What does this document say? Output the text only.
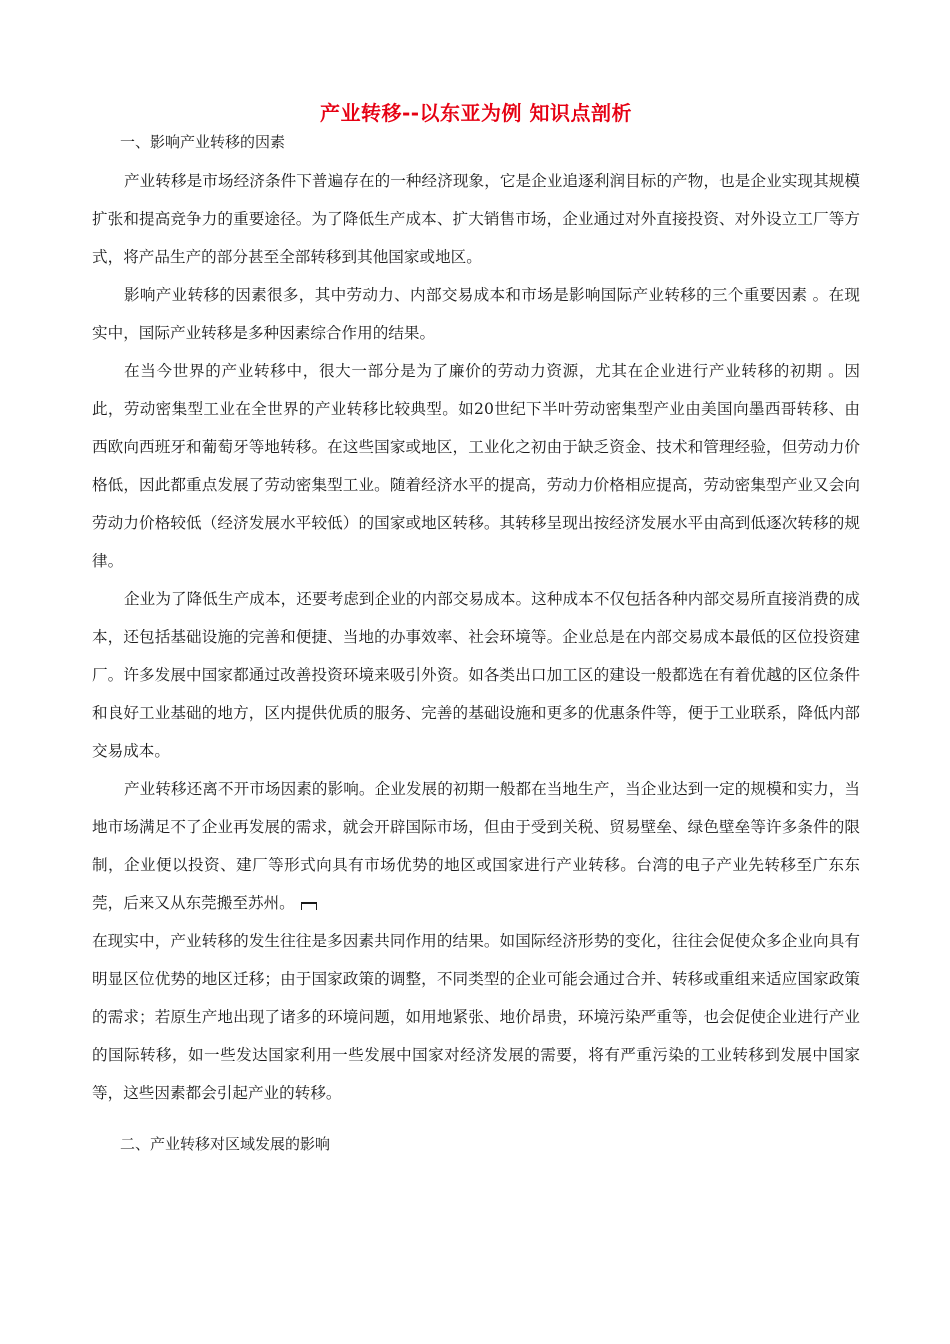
产业转移--以东亚为例 知识点剖析
一、影响产业转移的因素

产业转移是市场经济条件下普遍存在的一种经济现象，它是企业追逐利润目标的产物，也是企业实现其规模扩张和提高竞争力的重要途径。为了降低生产成本、扩大销售市场，企业通过对外直接投资、对外设立工厂等方式，将产品生产的部分甚至全部转移到其他国家或地区。

影响产业转移的因素很多，其中劳动力、内部交易成本和市场是影响国际产业转移的三个重要因素 。在现实中，国际产业转移是多种因素综合作用的结果。

在当今世界的产业转移中，很大一部分是为了廉价的劳动力资源，尤其在企业进行产业转移的初期 。因此，劳动密集型工业在全世界的产业转移比较典型。如20世纪下半叶劳动密集型产业由美国向墨西哥转移、由西欧向西班牙和葡萄牙等地转移。在这些国家或地区，工业化之初由于缺乏资金、技术和管理经验，但劳动力价格低，因此都重点发展了劳动密集型工业。随着经济水平的提高，劳动力价格相应提高，劳动密集型产业又会向劳动力价格较低（经济发展水平较低）的国家或地区转移。其转移呈现出按经济发展水平由高到低逐次转移的规律。

企业为了降低生产成本，还要考虑到企业的内部交易成本。这种成本不仅包括各种内部交易所直接消费的成本，还包括基础设施的完善和便捷、当地的办事效率、社会环境等。企业总是在内部交易成本最低的区位投资建厂。许多发展中国家都通过改善投资环境来吸引外资。如各类出口加工区的建设一般都选在有着优越的区位条件和良好工业基础的地方，区内提供优质的服务、完善的基础设施和更多的优惠条件等，便于工业联系，降低内部交易成本。

产业转移还离不开市场因素的影响。企业发展的初期一般都在当地生产，当企业达到一定的规模和实力，当地市场满足不了企业再发展的需求，就会开辟国际市场，但由于受到关税、贸易壁垒、绿色壁垒等许多条件的限制，企业便以投资、建厂等形式向具有市场优势的地区或国家进行产业转移。台湾的电子产业先转移至广东东莞，后来又从东莞搬至苏州。

在现实中，产业转移的发生往往是多因素共同作用的结果。如国际经济形势的变化，往往会促使众多企业向具有明显区位优势的地区迁移；由于国家政策的调整，不同类型的企业可能会通过合并、转移或重组来适应国家政策的需求；若原生产地出现了诸多的环境问题，如用地紧张、地价昂贵，环境污染严重等，也会促使企业进行产业的国际转移，如一些发达国家利用一些发展中国家对经济发展的需要，将有严重污染的工业转移到发展中国家等，这些因素都会引起产业的转移。

二、产业转移对区域发展的影响
